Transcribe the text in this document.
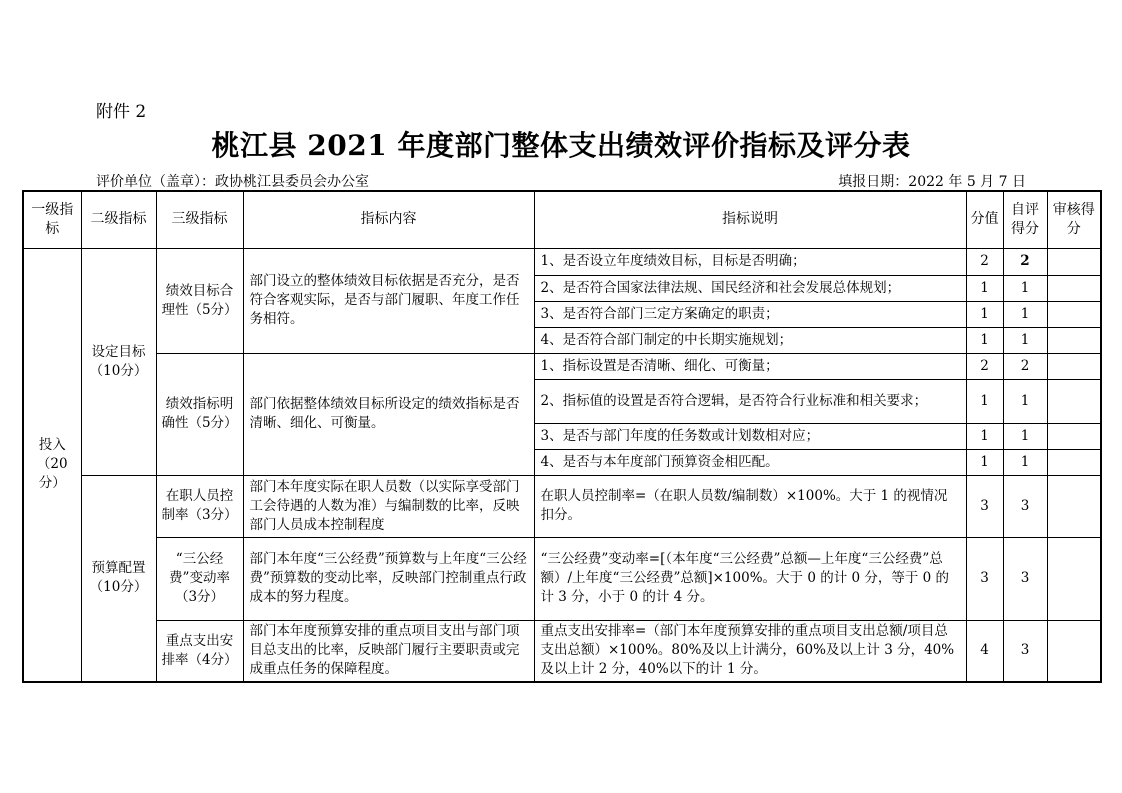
附件 2
桃江县 2021 年度部门整体支出绩效评价指标及评分表
评价单位（盖章）：政协桃江县委员会办公室	填报日期：2022 年 5 月 7 日
一级指标	二级指标	三级指标	指标内容	指标说明	分值	自评得分	审核得分
投入（20分）	设定目标（10分）	绩效目标合理性（5分）	部门设立的整体绩效目标依据是否充分，是否符合客观实际，是否与部门履职、年度工作任务相符。	1、是否设立年度绩效目标，目标是否明确；	2	2	
				2、是否符合国家法律法规、国民经济和社会发展总体规划；	1	1	
				3、是否符合部门三定方案确定的职责；	1	1	
				4、是否符合部门制定的中长期实施规划；	1	1	
		绩效指标明确性（5分）	部门依据整体绩效目标所设定的绩效指标是否清晰、细化、可衡量。	1、指标设置是否清晰、细化、可衡量；	2	2	
				2、指标值的设置是否符合逻辑，是否符合行业标准和相关要求；	1	1	
				3、是否与部门年度的任务数或计划数相对应；	1	1	
				4、是否与本年度部门预算资金相匹配。	1	1	
	预算配置（10分）	在职人员控制率（3分）	部门本年度实际在职人员数（以实际享受部门工会待遇的人数为准）与编制数的比率，反映部门人员成本控制程度	在职人员控制率=（在职人员数/编制数）×100%。大于 1 的视情况扣分。	3	3	
		“三公经费”变动率（3分）	部门本年度“三公经费”预算数与上年度“三公经费”预算数的变动比率，反映部门控制重点行政成本的努力程度。	“三公经费”变动率=[（本年度“三公经费”总额—上年度“三公经费”总额）/上年度“三公经费”总额]×100%。大于 0 的计 0 分，等于 0 的计 3 分，小于 0 的计 4 分。	3	3	
		重点支出安排率（4分）	部门本年度预算安排的重点项目支出与部门项目总支出的比率，反映部门履行主要职责或完成重点任务的保障程度。	重点支出安排率=（部门本年度预算安排的重点项目支出总额/项目总支出总额）×100%。80%及以上计满分，60%及以上计 3 分，40%及以上计 2 分，40%以下的计 1 分。	4	3	
